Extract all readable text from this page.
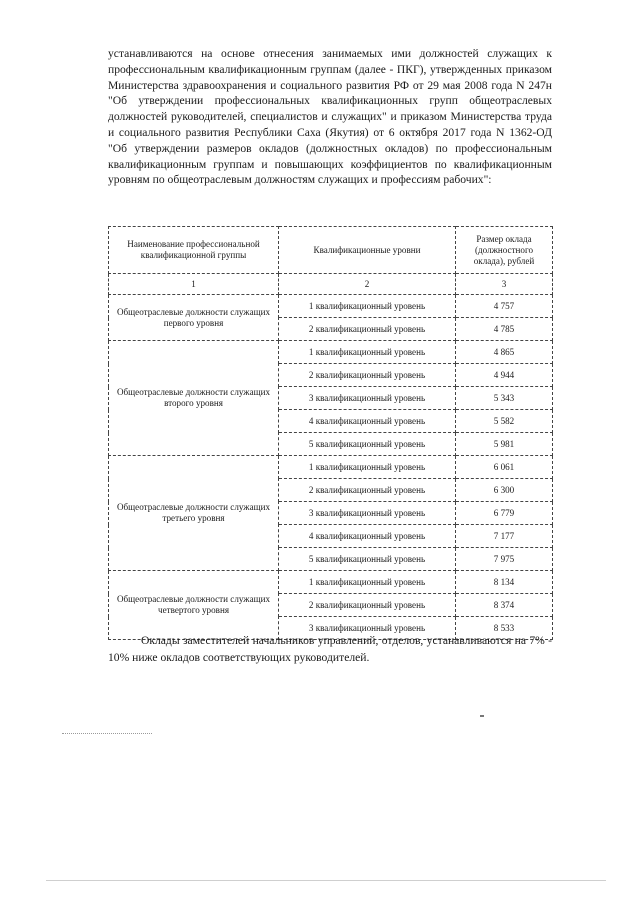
устанавливаются на основе отнесения занимаемых ими должностей служащих к профессиональным квалификационным группам (далее - ПКГ), утвержденных приказом Министерства здравоохранения и социального развития РФ от 29 мая 2008 года N 247н "Об утверждении профессиональных квалификационных групп общеотраслевых должностей руководителей, специалистов и служащих" и приказом Министерства труда и социального развития Республики Саха (Якутия) от 6 октября 2017 года N 1362-ОД "Об утверждении размеров окладов (должностных окладов) по профессиональным квалификационным группам и повышающих коэффициентов по квалификационным уровням по общеотраслевым должностям служащих и профессиям рабочих":

Наименование профессиональной квалификационной группы	Квалификационные уровни	Размер оклада (должностного оклада), рублей
1	2	3
Общеотраслевые должности служащих первого уровня	1 квалификационный уровень	4 757
	2 квалификационный уровень	4 785
Общеотраслевые должности служащих второго уровня	1 квалификационный уровень	4 865
	2 квалификационный уровень	4 944
	3 квалификационный уровень	5 343
	4 квалификационный уровень	5 582
	5 квалификационный уровень	5 981
Общеотраслевые должности служащих третьего уровня	1 квалификационный уровень	6 061
	2 квалификационный уровень	6 300
	3 квалификационный уровень	6 779
	4 квалификационный уровень	7 177
	5 квалификационный уровень	7 975
Общеотраслевые должности служащих четвертого уровня	1 квалификационный уровень	8 134
	2 квалификационный уровень	8 374
	3 квалификационный уровень	8 533
Оклады заместителей начальников управлений, отделов, устанавливаются на 7% - 10% ниже окладов соответствующих руководителей.
